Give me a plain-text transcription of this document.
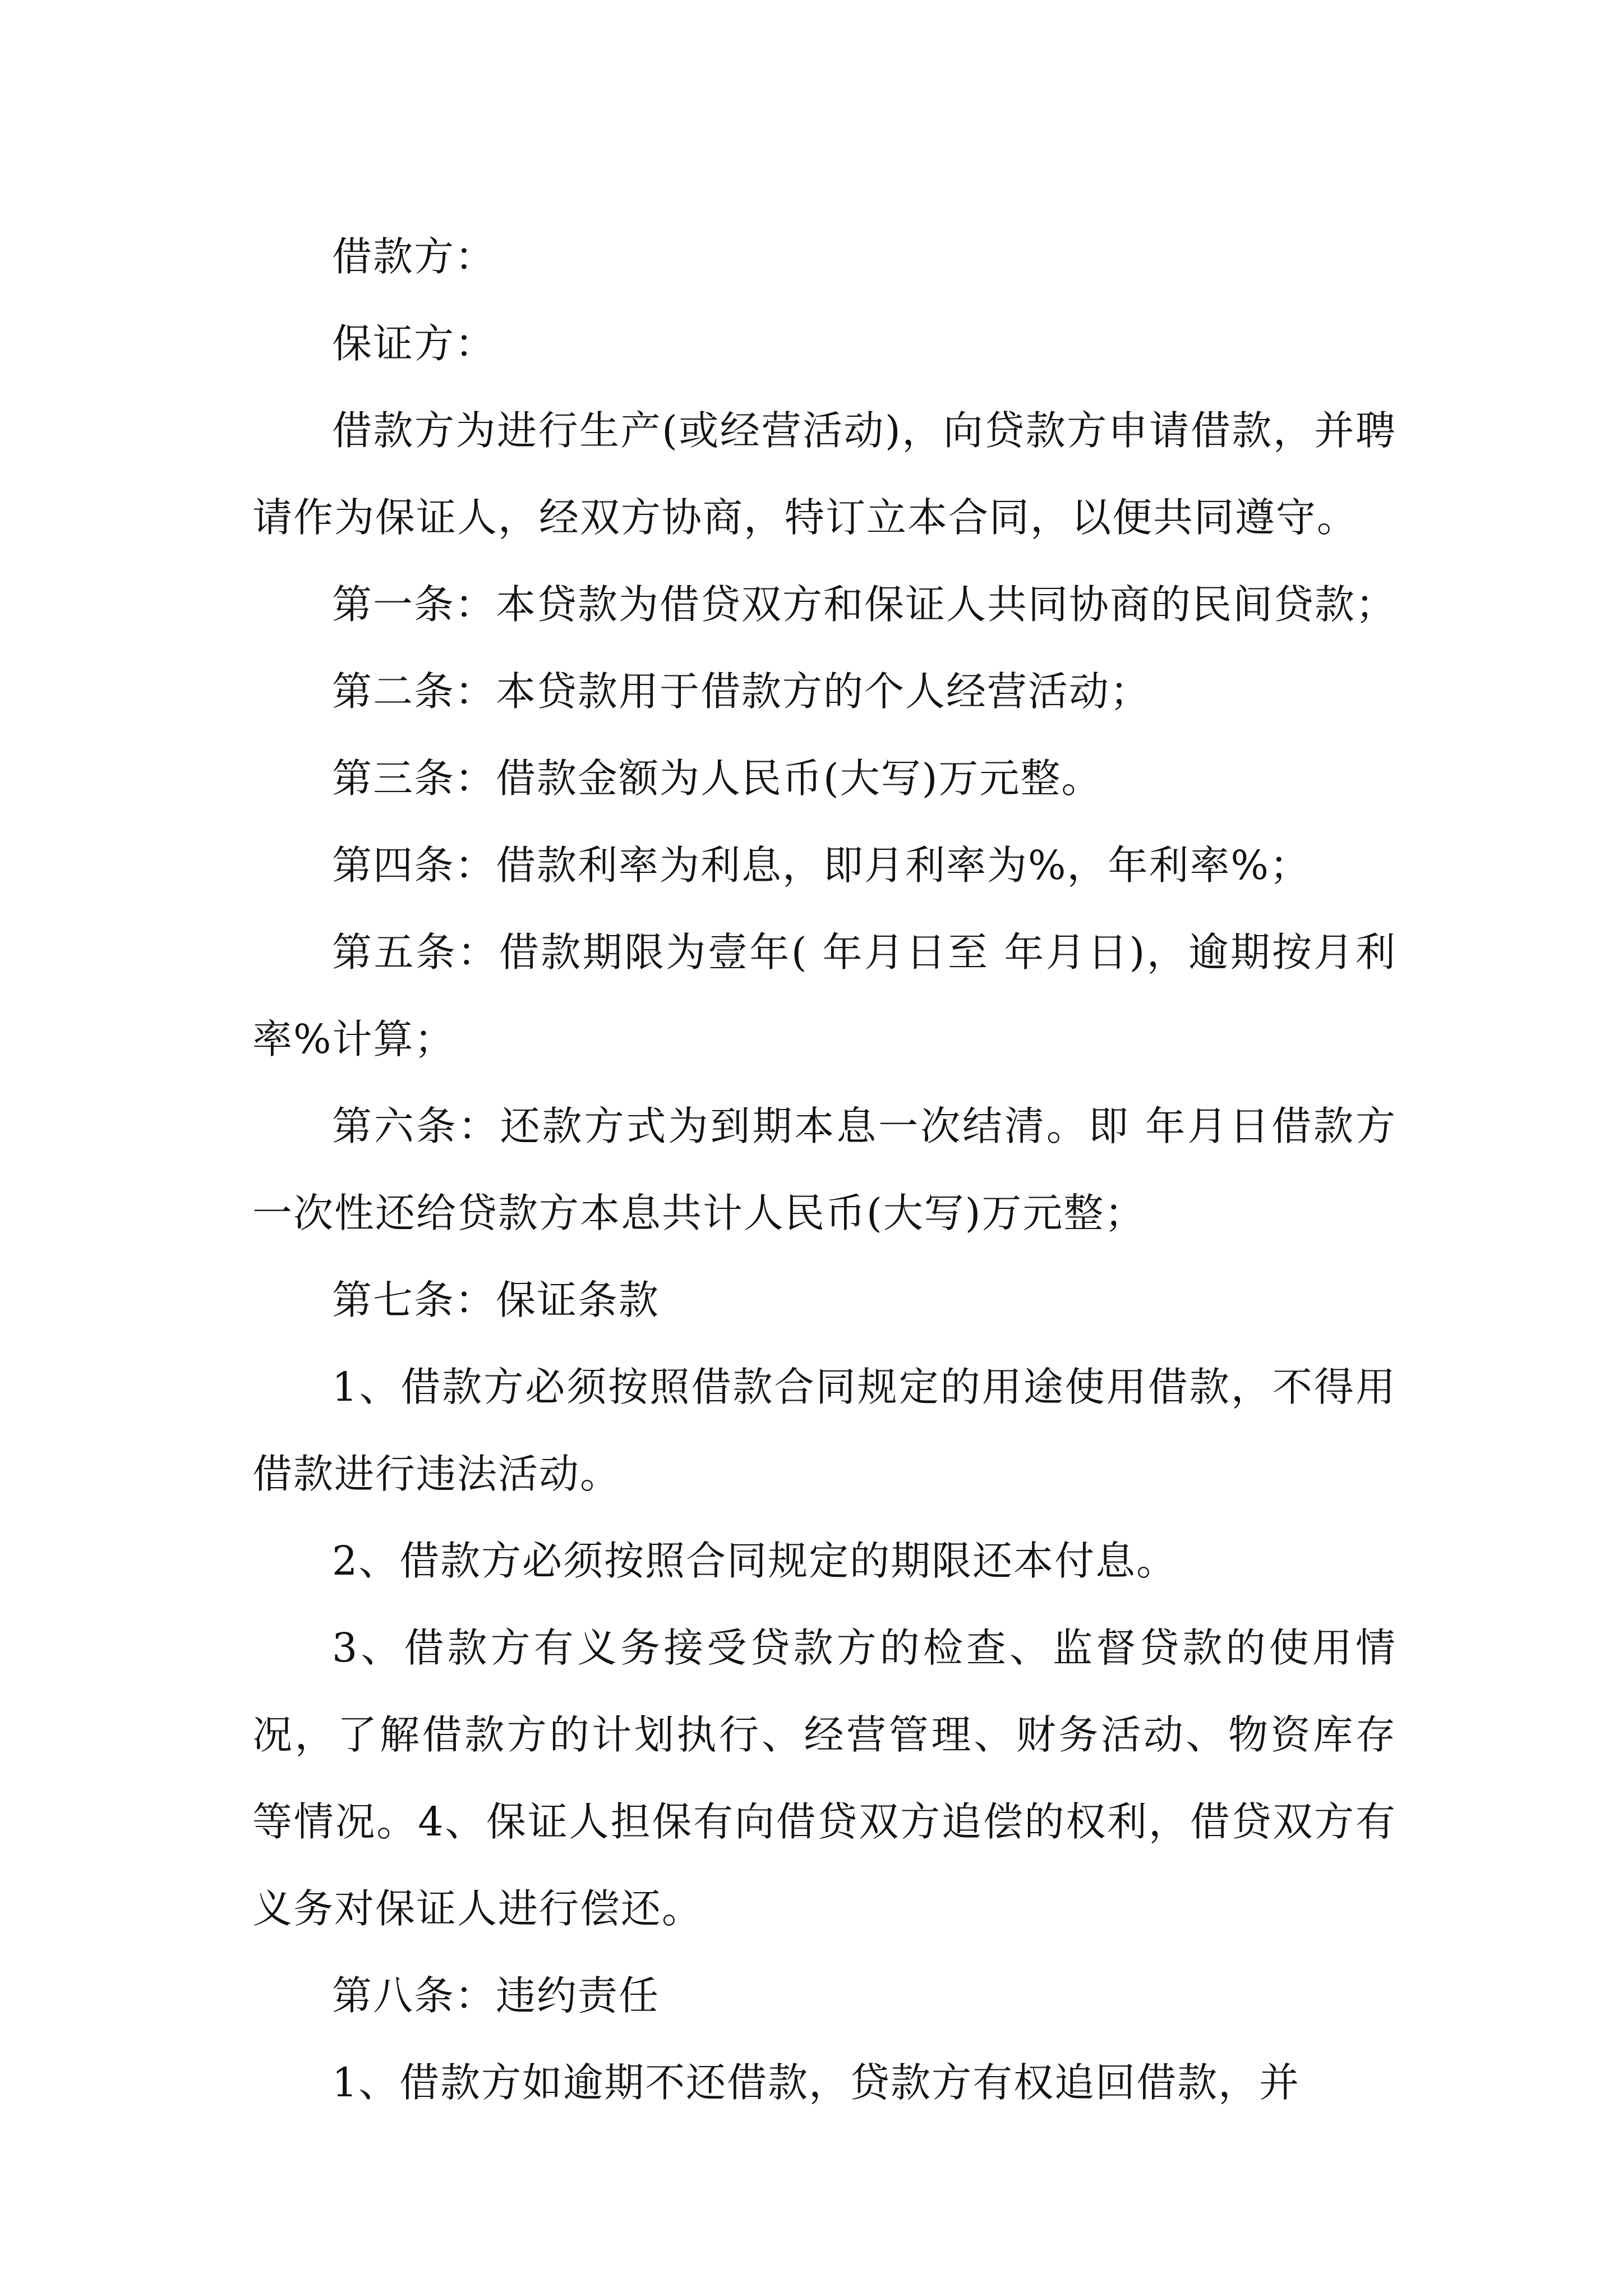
借款方：

保证方：

借款方为进行生产(或经营活动)，向贷款方申请借款，并聘请作为保证人，经双方协商，特订立本合同，以便共同遵守。

第一条：本贷款为借贷双方和保证人共同协商的民间贷款；

第二条：本贷款用于借款方的个人经营活动；

第三条：借款金额为人民币(大写)万元整。

第四条：借款利率为利息，即月利率为%，年利率%；

第五条：借款期限为壹年( 年月日至 年月日)，逾期按月利率%计算；

第六条：还款方式为到期本息一次结清。即 年月日借款方一次性还给贷款方本息共计人民币(大写)万元整；

第七条：保证条款

1、借款方必须按照借款合同规定的用途使用借款，不得用借款进行违法活动。

2、借款方必须按照合同规定的期限还本付息。

3、借款方有义务接受贷款方的检查、监督贷款的使用情况，了解借款方的计划执行、经营管理、财务活动、物资库存等情况。4、保证人担保有向借贷双方追偿的权利，借贷双方有义务对保证人进行偿还。

第八条：违约责任

1、借款方如逾期不还借款，贷款方有权追回借款，并
